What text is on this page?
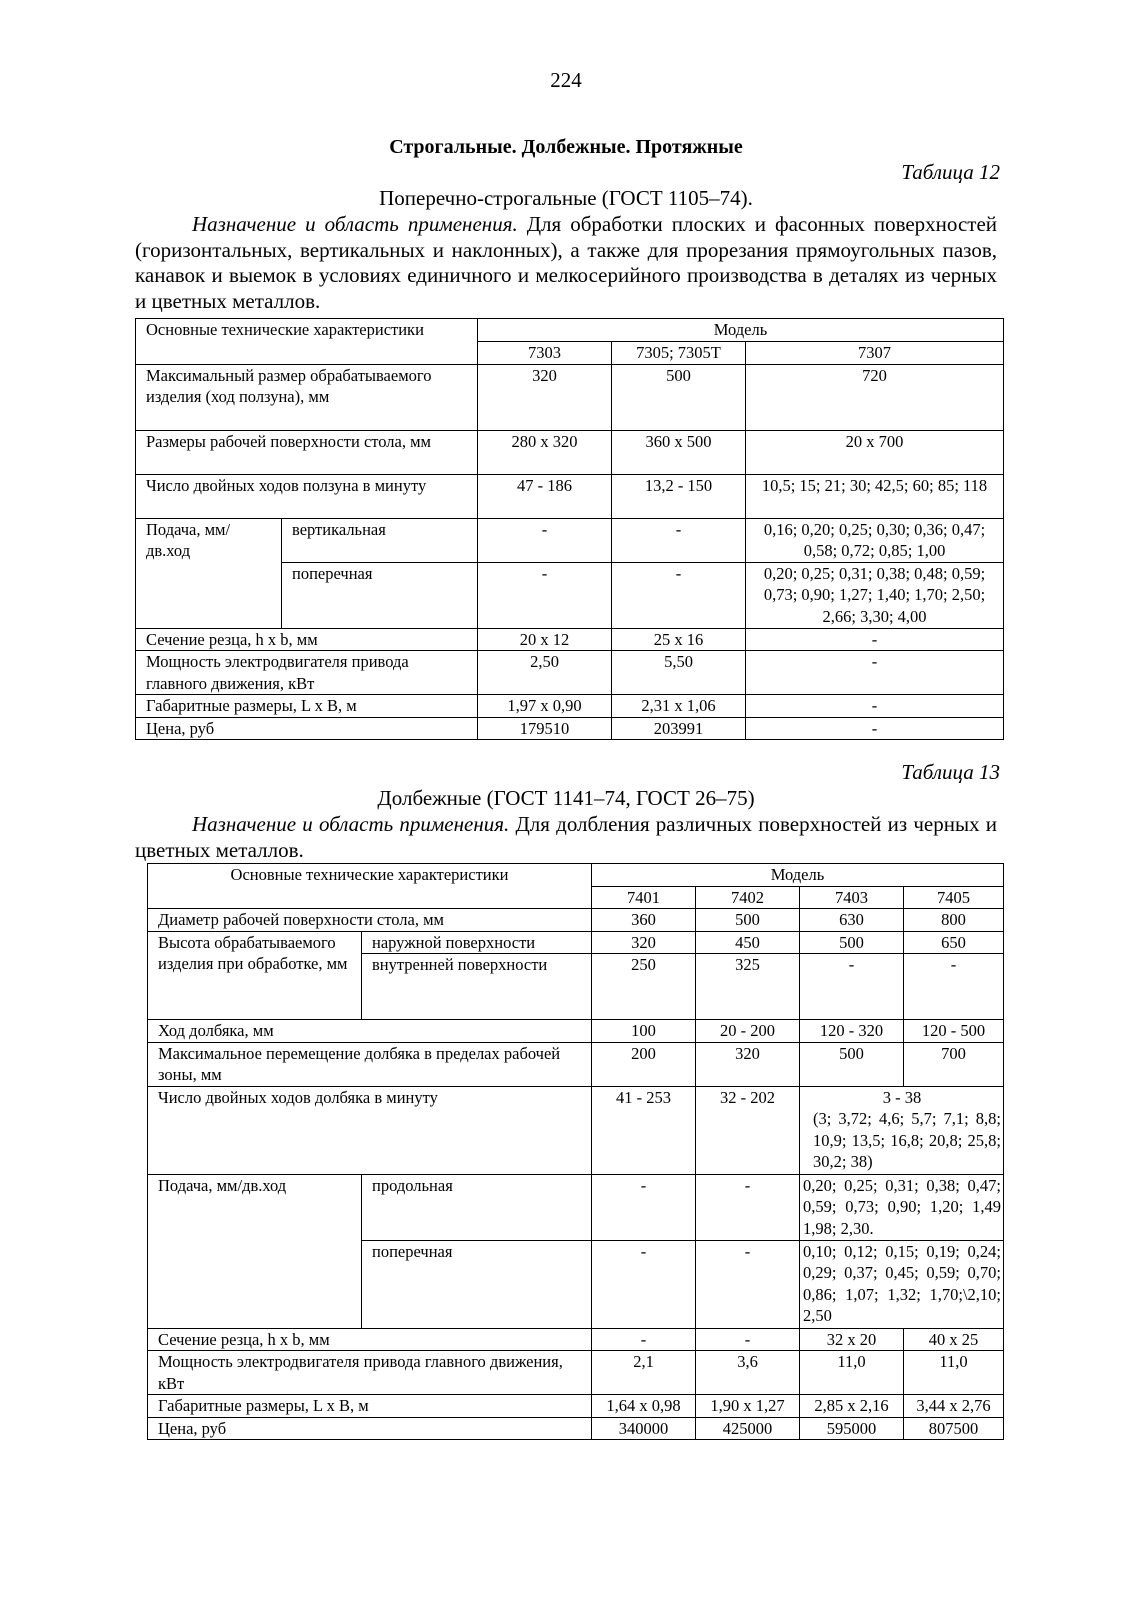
224
Строгальные. Долбежные. Протяжные
Таблица 12
Поперечно-строгальные (ГОСТ 1105–74).

Назначение и область применения. Для обработки плоских и фасонных поверхностей (горизонтальных, вертикальных и наклонных), а также для прорезания прямоугольных пазов, канавок и выемок в условиях единичного и мелкосерийного производства в деталях из черных и цветных металлов.

Основные технические характеристики		Модель		
		7303	7305; 7305Т	7307
Максимальный размер обрабатываемого изделия (ход ползуна), мм		320	500	720
Размеры рабочей поверхности стола, мм		280 х 320	360 х 500	20 х 700
Число двойных ходов ползуна в минуту		47 - 186	13,2 - 150	10,5; 15; 21; 30; 42,5; 60; 85; 118
Подача, мм/дв.ход	вертикальная	-	-	0,16; 0,20; 0,25; 0,30; 0,36; 0,47; 0,58; 0,72; 0,85; 1,00
	поперечная	-	-	0,20; 0,25; 0,31; 0,38; 0,48; 0,59; 0,73; 0,90; 1,27; 1,40; 1,70; 2,50; 2,66; 3,30; 4,00
Сечение резца, h x b, мм		20 х 12	25 х 16	-
Мощность электродвигателя привода главного движения, кВт		2,50	5,50	-
Габаритные размеры, L x B, м		1,97 х 0,90	2,31 х 1,06	-
Цена, руб		179510	203991	-
Таблица 13
Долбежные (ГОСТ 1141–74, ГОСТ 26–75)

Назначение и область применения. Для долбления различных поверхностей из черных и цветных металлов.

Основные технические характеристики		Модель			
		7401	7402	7403	7405
Диаметр рабочей поверхности стола, мм		360	500	630	800
Высота обрабатываемого изделия при обработке, мм	наружной поверхности	320	450	500	650
	внутренней поверхности	250	325	-	-
Ход долбяка, мм		100	20 - 200	120 - 320	120 - 500
Максимальное перемещение долбяка в пределах рабочей зоны, мм		200	320	500	700
Число двойных ходов долбяка в минуту		41 - 253	32 - 202	3 - 38
(3; 3,72; 4,6; 5,7; 7,1; 8,8; 10,9; 13,5; 16,8; 20,8; 25,8; 30,2; 38)	

Подача, мм/дв.ход	продольная	-	-	0,20; 0,25; 0,31; 0,38; 0,47; 0,59; 0,73; 0,90; 1,20; 1,49 1,98; 2,30.	
	поперечная	-	-	0,10; 0,12; 0,15; 0,19; 0,24; 0,29; 0,37; 0,45; 0,59; 0,70; 0,86; 1,07; 1,32; 1,70;\2,10; 2,50	
Сечение резца, h x b, мм		-	-	32 х 20	40 х 25
Мощность электродвигателя привода главного движения, кВт		2,1	3,6	11,0	11,0
Габаритные размеры, L x B, м		1,64 х 0,98	1,90 х 1,27	2,85 х 2,16	3,44 х 2,76
Цена, руб		340000	425000	595000	807500
